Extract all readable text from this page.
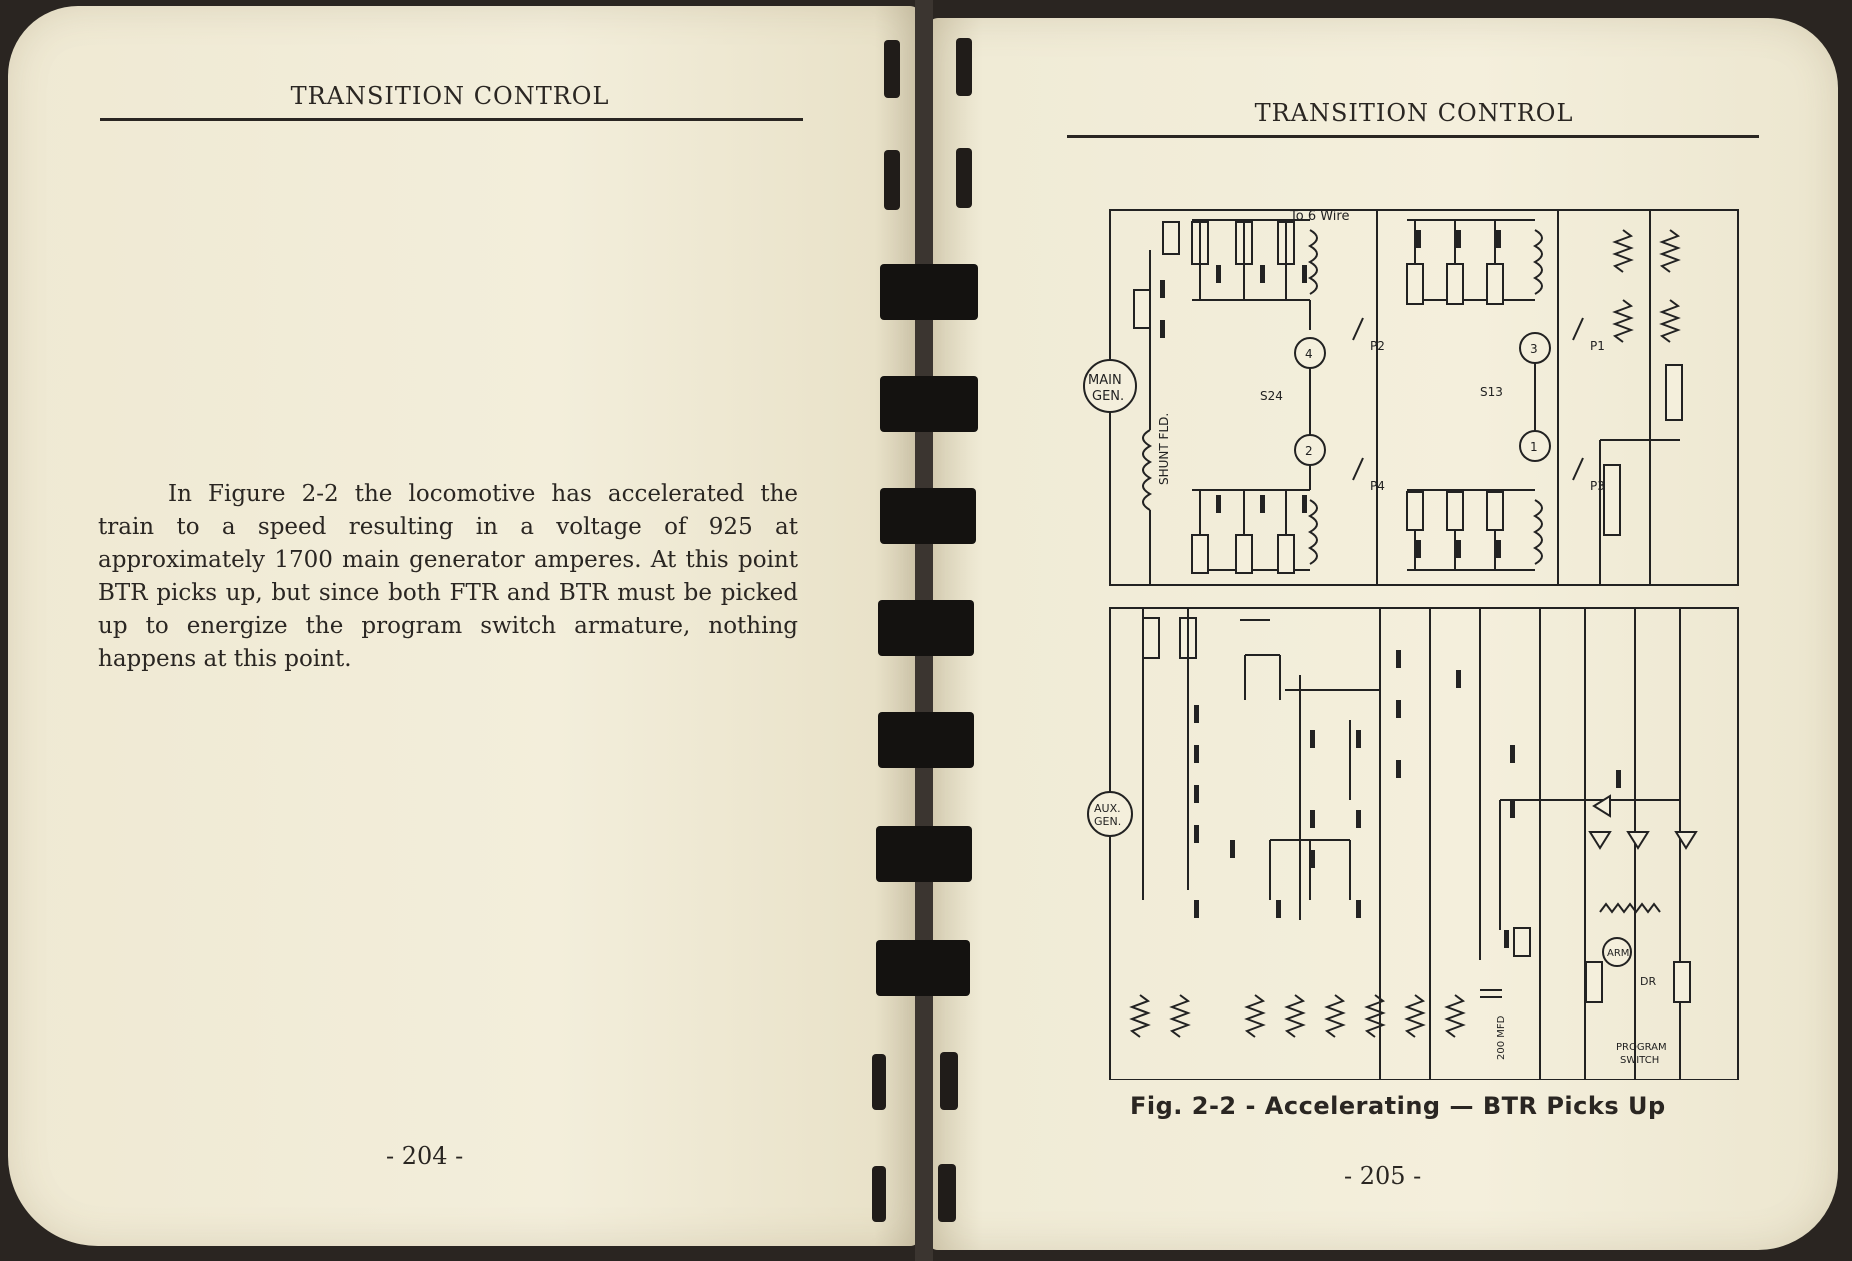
TRANSITION CONTROL
In Figure 2-2 the locomotive has accelerated the train to a speed resulting in a voltage of 925 at approximately 1700 main generator amperes. At this point BTR picks up, but since both FTR and BTR must be picked up to energize the program switch armature, nothing happens at this point.
- 204 -
TRANSITION CONTROL
MAIN
GEN.
To 6 Wire
AUX.
GEN.
4
2
3
1
P2
P4
P1
P3
S24	S13
200 MFD
DR
ARM
PROGRAM
SWITCH
SHUNT FLD.
Fig. 2-2 - Accelerating — BTR Picks Up
- 205 -
